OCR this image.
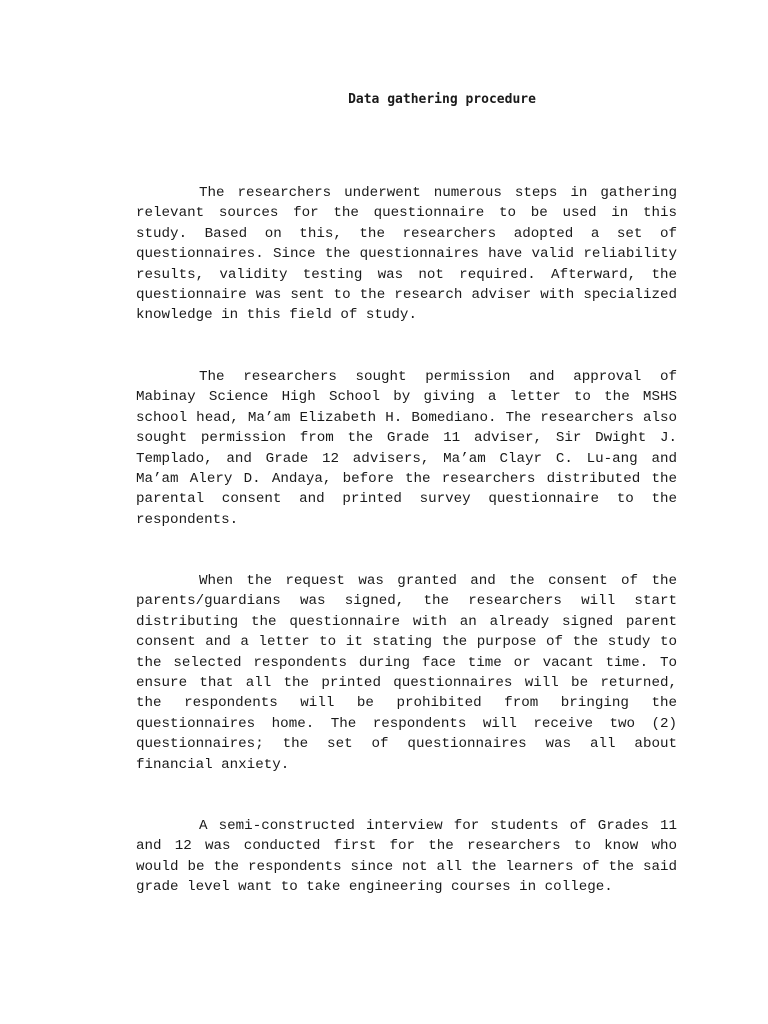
Data gathering procedure

The researchers underwent numerous steps in gathering relevant sources for the questionnaire to be used in this study. Based on this, the researchers adopted a set of questionnaires. Since the questionnaires have valid reliability results, validity testing was not required. Afterward, the questionnaire was sent to the research adviser with specialized knowledge in this field of study.

The researchers sought permission and approval of Mabinay Science High School by giving a letter to the MSHS school head, Ma’am Elizabeth H. Bomediano. The researchers also sought permission from the Grade 11 adviser, Sir Dwight J. Templado, and Grade 12 advisers, Ma’am Clayr C. Lu-ang and Ma’am Alery D. Andaya, before the researchers distributed the parental consent and printed survey questionnaire to the respondents.

When the request was granted and the consent of the parents/guardians was signed, the researchers will start distributing the questionnaire with an already signed parent consent and a letter to it stating the purpose of the study to the selected respondents during face time or vacant time. To ensure that all the printed questionnaires will be returned, the respondents will be prohibited from bringing the questionnaires home. The respondents will receive two (2) questionnaires; the set of questionnaires was all about financial anxiety.

A semi-constructed interview for students of Grades 11 and 12 was conducted first for the researchers to know who would be the respondents since not all the learners of the said grade level want to take engineering courses in college.
